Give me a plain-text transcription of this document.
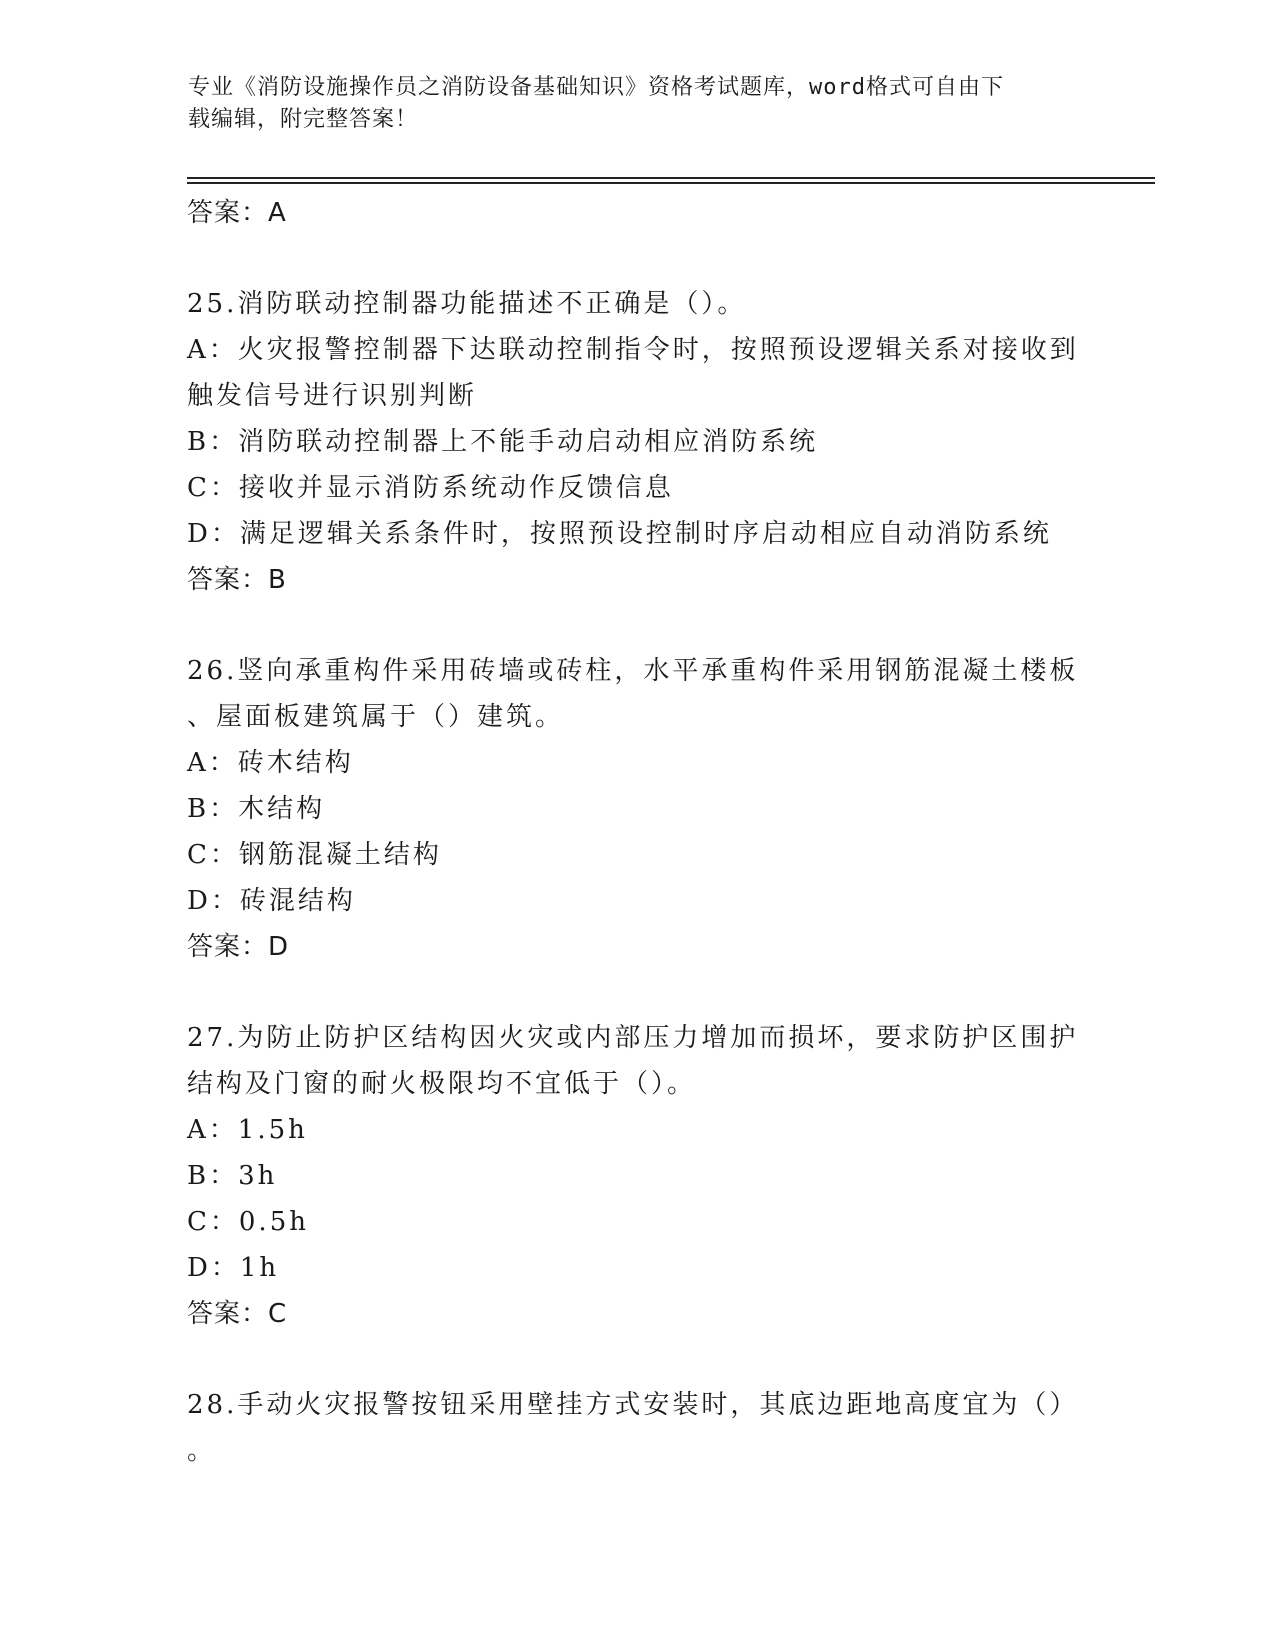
专业《消防设施操作员之消防设备基础知识》资格考试题库，word格式可自由下
载编辑，附完整答案！
答案：A
25.消防联动控制器功能描述不正确是（）。
A：火灾报警控制器下达联动控制指令时，按照预设逻辑关系对接收到
触发信号进行识别判断
B：消防联动控制器上不能手动启动相应消防系统
C：接收并显示消防系统动作反馈信息
D：满足逻辑关系条件时，按照预设控制时序启动相应自动消防系统
答案：B
26.竖向承重构件采用砖墙或砖柱，水平承重构件采用钢筋混凝土楼板
、屋面板建筑属于（）建筑。
A：砖木结构
B：木结构
C：钢筋混凝土结构
D：砖混结构
答案：D
27.为防止防护区结构因火灾或内部压力增加而损坏，要求防护区围护
结构及门窗的耐火极限均不宜低于（）。
A：1.5h
B：3h
C：0.5h
D：1h
答案：C
28.手动火灾报警按钮采用壁挂方式安装时，其底边距地高度宜为（）
。
